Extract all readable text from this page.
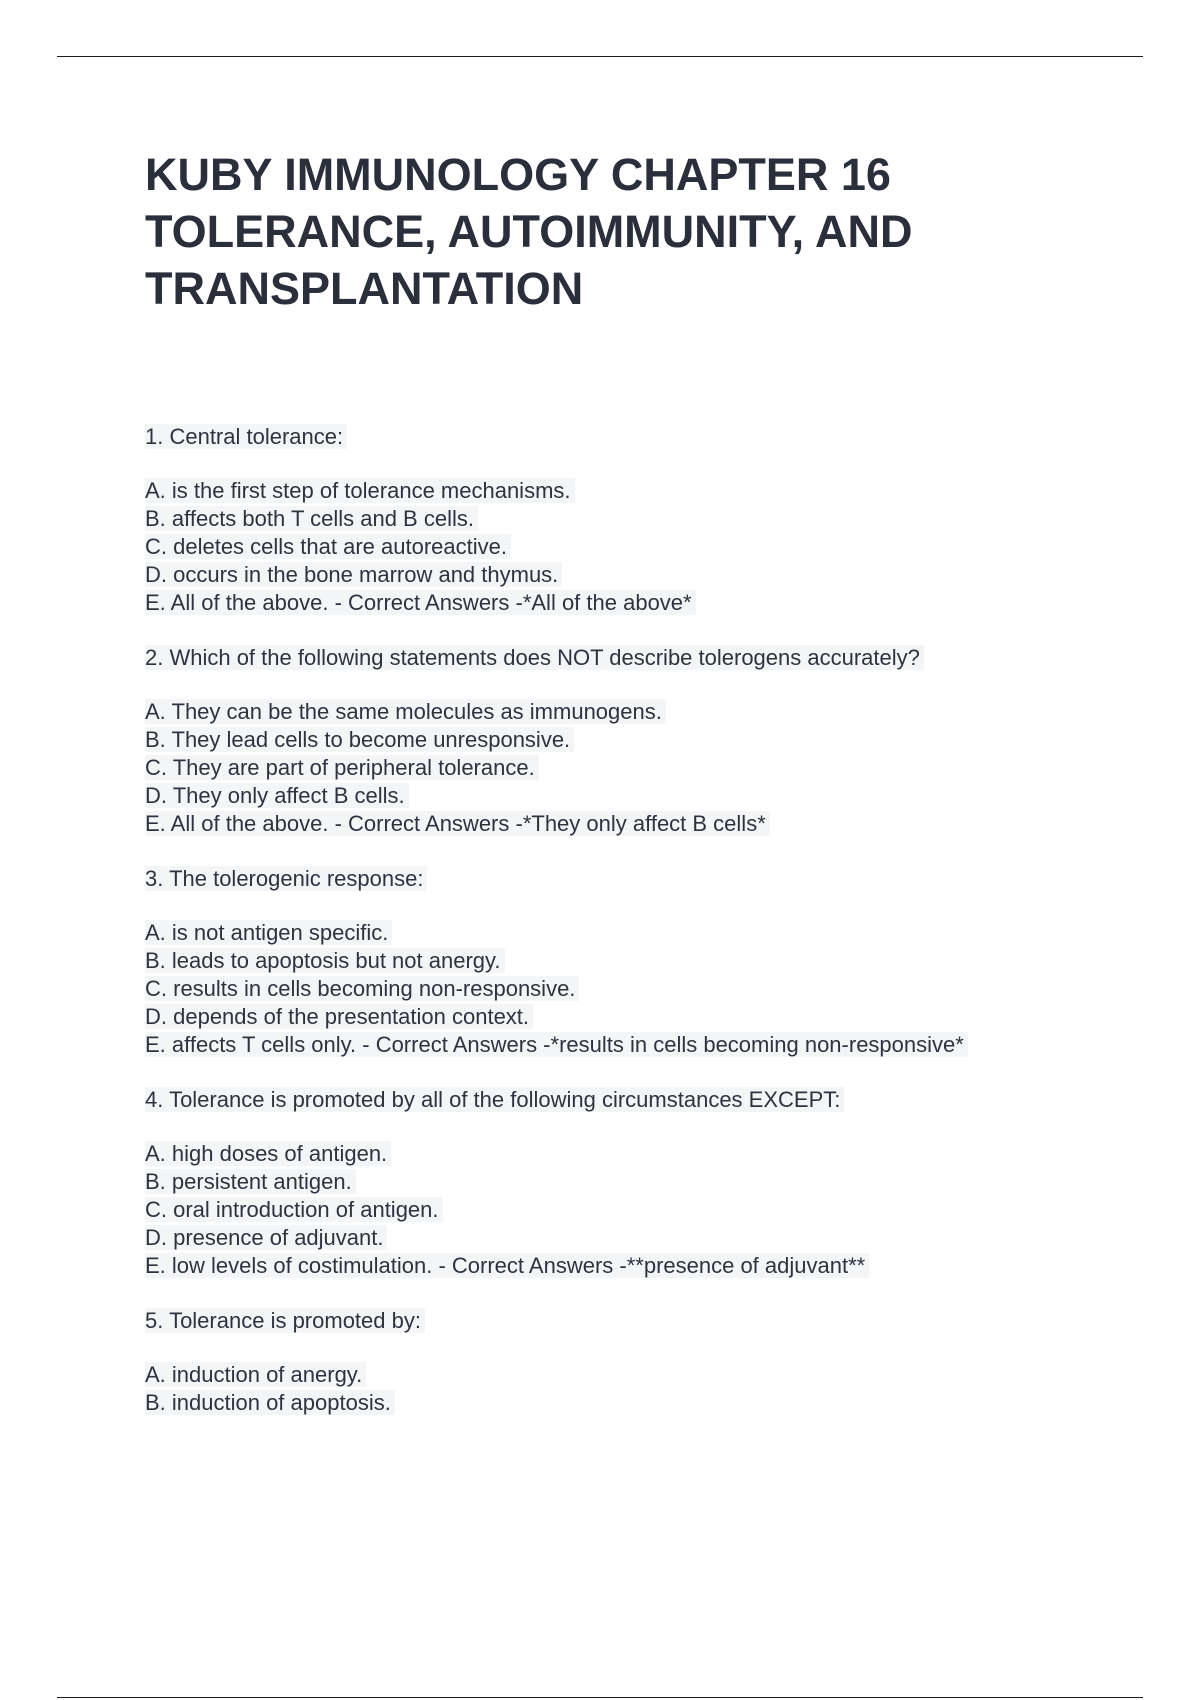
KUBY IMMUNOLOGY CHAPTER 16 TOLERANCE, AUTOIMMUNITY, AND TRANSPLANTATION
1. Central tolerance:
A. is the first step of tolerance mechanisms.
B. affects both T cells and B cells.
C. deletes cells that are autoreactive.
D. occurs in the bone marrow and thymus.
E. All of the above. - Correct Answers -*All of the above*
2. Which of the following statements does NOT describe tolerogens accurately?
A. They can be the same molecules as immunogens.
B. They lead cells to become unresponsive.
C. They are part of peripheral tolerance.
D. They only affect B cells.
E. All of the above. - Correct Answers -*They only affect B cells*
3. The tolerogenic response:
A. is not antigen specific.
B. leads to apoptosis but not anergy.
C. results in cells becoming non-responsive.
D. depends of the presentation context.
E. affects T cells only. - Correct Answers -*results in cells becoming non-responsive*
4. Tolerance is promoted by all of the following circumstances EXCEPT:
A. high doses of antigen.
B. persistent antigen.
C. oral introduction of antigen.
D. presence of adjuvant.
E. low levels of costimulation. - Correct Answers -**presence of adjuvant**
5. Tolerance is promoted by:
A. induction of anergy.
B. induction of apoptosis.
